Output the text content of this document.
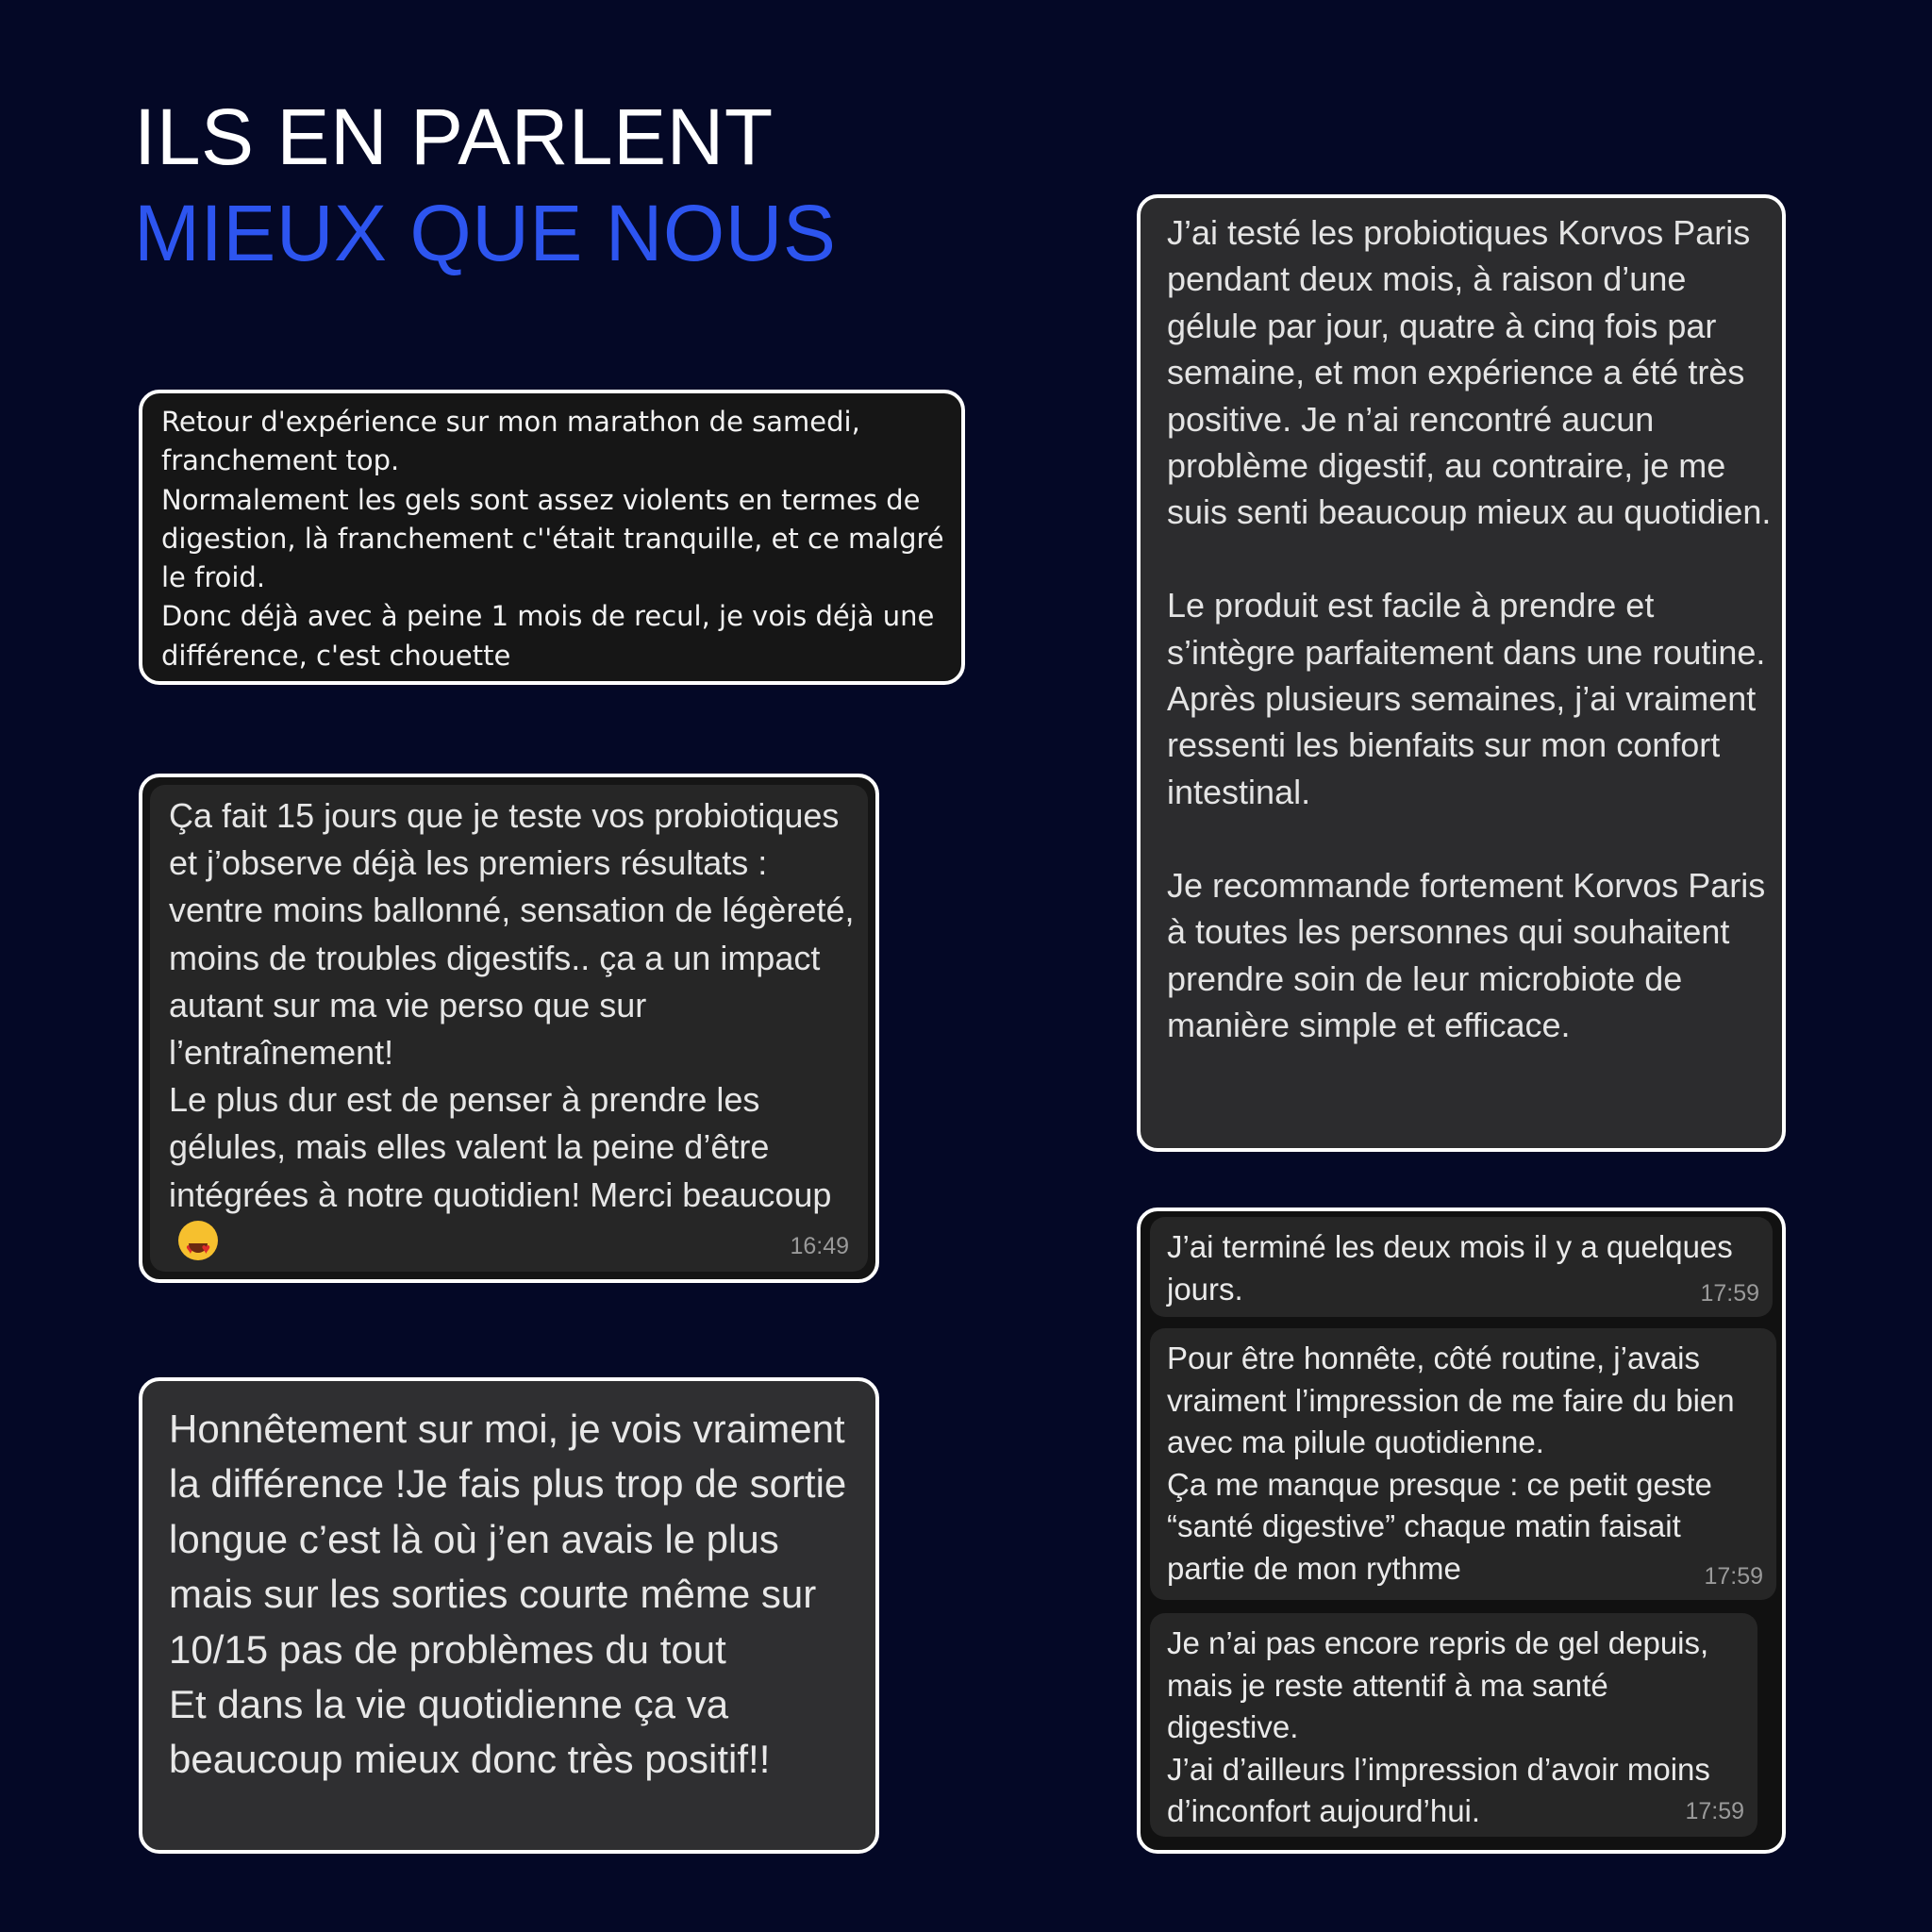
ILS EN PARLENT
MIEUX QUE NOUS

Retour d'expérience sur mon marathon de samedi, franchement top.
Normalement les gels sont assez violents en termes de digestion, là franchement c''était tranquille, et ce malgré le froid.
Donc déjà avec à peine 1 mois de recul, je vois déjà une différence, c'est chouette

Ça fait 15 jours que je teste vos probiotiques et j’observe déjà les premiers résultats : ventre moins ballonné, sensation de légèreté, moins de troubles digestifs.. ça a un impact autant sur ma vie perso que sur l’entraînement!
Le plus dur est de penser à prendre les gélules, mais elles valent la peine d’être intégrées à notre quotidien! Merci beaucoup♥
♥

16:49

Honnêtement sur moi, je vois vraiment la différence !Je fais plus trop de sortie longue c’est là où j’en avais le plus mais sur les sorties courte même sur 10/15 pas de problèmes du tout
Et dans la vie quotidienne ça va beaucoup mieux donc très positif!!

J’ai testé les probiotiques Korvos Paris pendant deux mois, à raison d’une gélule par jour, quatre à cinq fois par semaine, et mon expérience a été très positive. Je n’ai rencontré aucun problème digestif, au contraire, je me suis senti beaucoup mieux au quotidien.

Le produit est facile à prendre et s’intègre parfaitement dans une routine. Après plusieurs semaines, j’ai vraiment ressenti les bienfaits sur mon confort intestinal.

Je recommande fortement Korvos Paris à toutes les personnes qui souhaitent prendre soin de leur microbiote de manière simple et efficace.

J’ai terminé les deux mois il y a quelques jours.	17:59

Pour être honnête, côté routine, j’avais vraiment l’impression de me faire du bien avec ma pilule quotidienne.
Ça me manque presque : ce petit geste “santé digestive” chaque matin faisait partie de mon rythme	17:59

Je n’ai pas encore repris de gel depuis, mais je reste attentif à ma santé digestive.
J’ai d’ailleurs l’impression d’avoir moins d’inconfort aujourd’hui.	17:59
